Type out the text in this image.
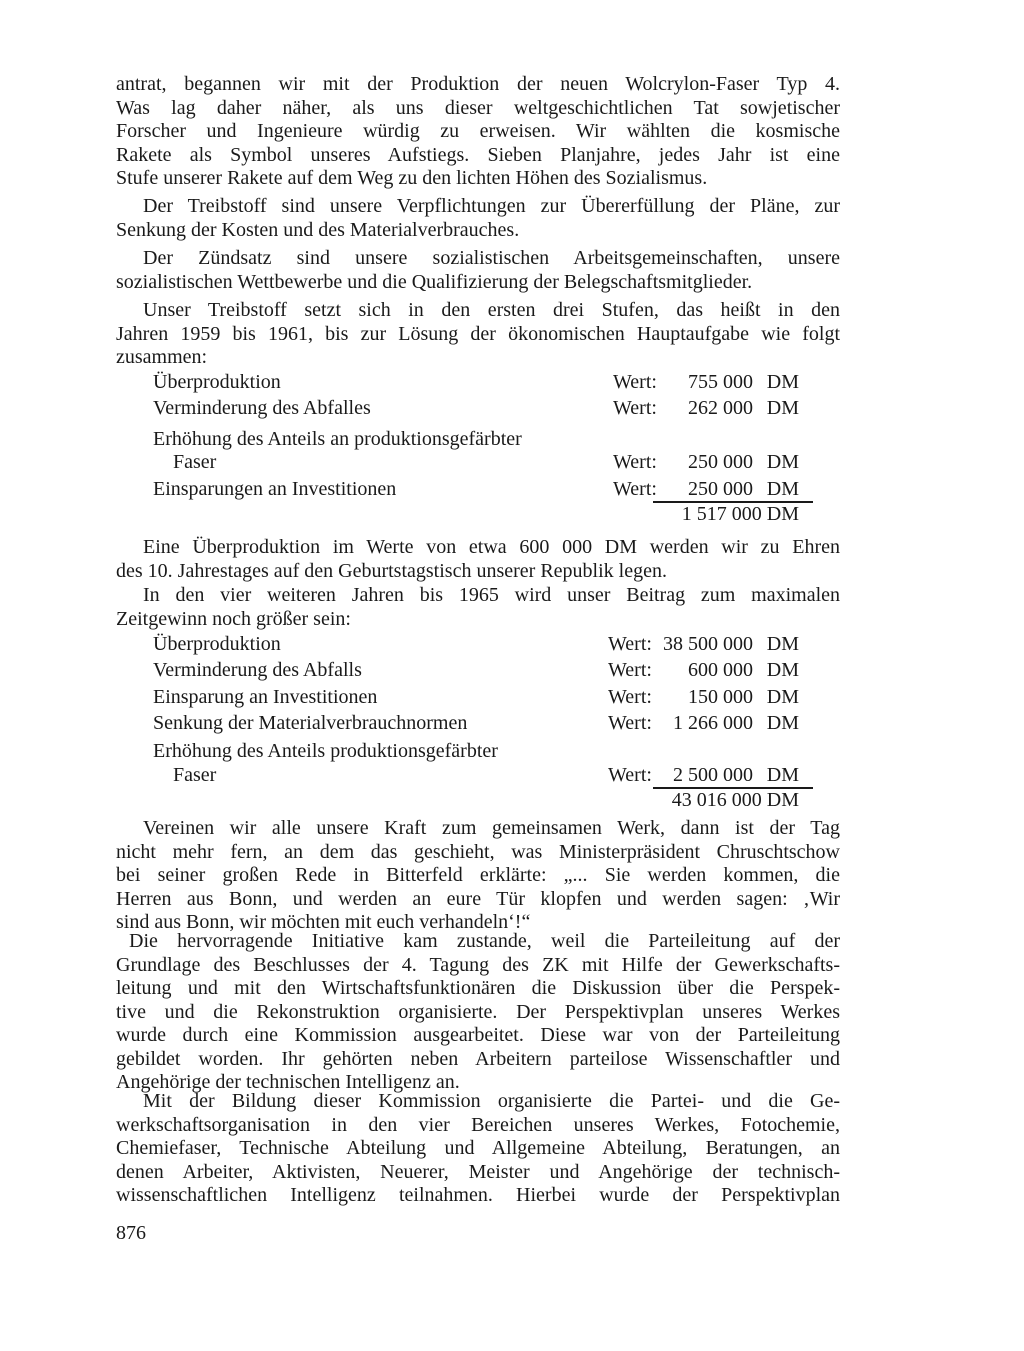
antrat, begannen wir mit der Produktion der neuen Wolcrylon-Faser Typ 4.
Was lag daher näher, als uns dieser weltgeschichtlichen Tat sowjetischer
Forscher und Ingenieure würdig zu erweisen. Wir wählten die kosmische
Rakete als Symbol unseres Aufstiegs. Sieben Planjahre, jedes Jahr ist eine
Stufe unserer Rakete auf dem Weg zu den lichten Höhen des Sozialismus.
Der Treibstoff sind unsere Verpflichtungen zur Übererfüllung der Pläne, zur
Senkung der Kosten und des Materialverbrauches.
Der Zündsatz sind unsere sozialistischen Arbeitsgemeinschaften, unsere
sozialistischen Wettbewerbe und die Qualifizierung der Belegschaftsmitglieder.
Unser Treibstoff setzt sich in den ersten drei Stufen, das heißt in den
Jahren 1959 bis 1961, bis zur Lösung der ökonomischen Hauptaufgabe wie folgt
zusammen:
Überproduktion	Wert: 755 000 DM
Verminderung des Abfalles	Wert: 262 000 DM
Erhöhung des Anteils an produktionsgefärbter
Faser	Wert: 250 000 DM
Einsparungen an Investitionen	Wert: 250 000 DM
1 517 000 DM
Eine Überproduktion im Werte von etwa 600 000 DM werden wir zu Ehren
des 10. Jahrestages auf den Geburtstagstisch unserer Republik legen.
In den vier weiteren Jahren bis 1965 wird unser Beitrag zum maximalen
Zeitgewinn noch größer sein:
Überproduktion	Wert: 38 500 000 DM
Verminderung des Abfalls	Wert: 600 000 DM
Einsparung an Investitionen	Wert: 150 000 DM
Senkung der Materialverbrauchnormen	Wert: 1 266 000 DM
Erhöhung des Anteils produktionsgefärbter
Faser	Wert: 2 500 000 DM
43 016 000 DM
Vereinen wir alle unsere Kraft zum gemeinsamen Werk, dann ist der Tag
nicht mehr fern, an dem das geschieht, was Ministerpräsident Chruschtschow
bei seiner großen Rede in Bitterfeld erklärte: „... Sie werden kommen, die
Herren aus Bonn, und werden an eure Tür klopfen und werden sagen: ‚Wir
sind aus Bonn, wir möchten mit euch verhandeln‘!“
Die hervorragende Initiative kam zustande, weil die Parteileitung auf der
Grundlage des Beschlusses der 4. Tagung des ZK mit Hilfe der Gewerkschafts-
leitung und mit den Wirtschaftsfunktionären die Diskussion über die Perspek-
tive und die Rekonstruktion organisierte. Der Perspektivplan unseres Werkes
wurde durch eine Kommission ausgearbeitet. Diese war von der Parteileitung
gebildet worden. Ihr gehörten neben Arbeitern parteilose Wissenschaftler und
Angehörige der technischen Intelligenz an.
Mit der Bildung dieser Kommission organisierte die Partei- und die Ge-
werkschaftsorganisation in den vier Bereichen unseres Werkes, Fotochemie,
Chemiefaser, Technische Abteilung und Allgemeine Abteilung, Beratungen, an
denen Arbeiter, Aktivisten, Neuerer, Meister und Angehörige der technisch-
wissenschaftlichen Intelligenz teilnahmen. Hierbei wurde der Perspektivplan
876
